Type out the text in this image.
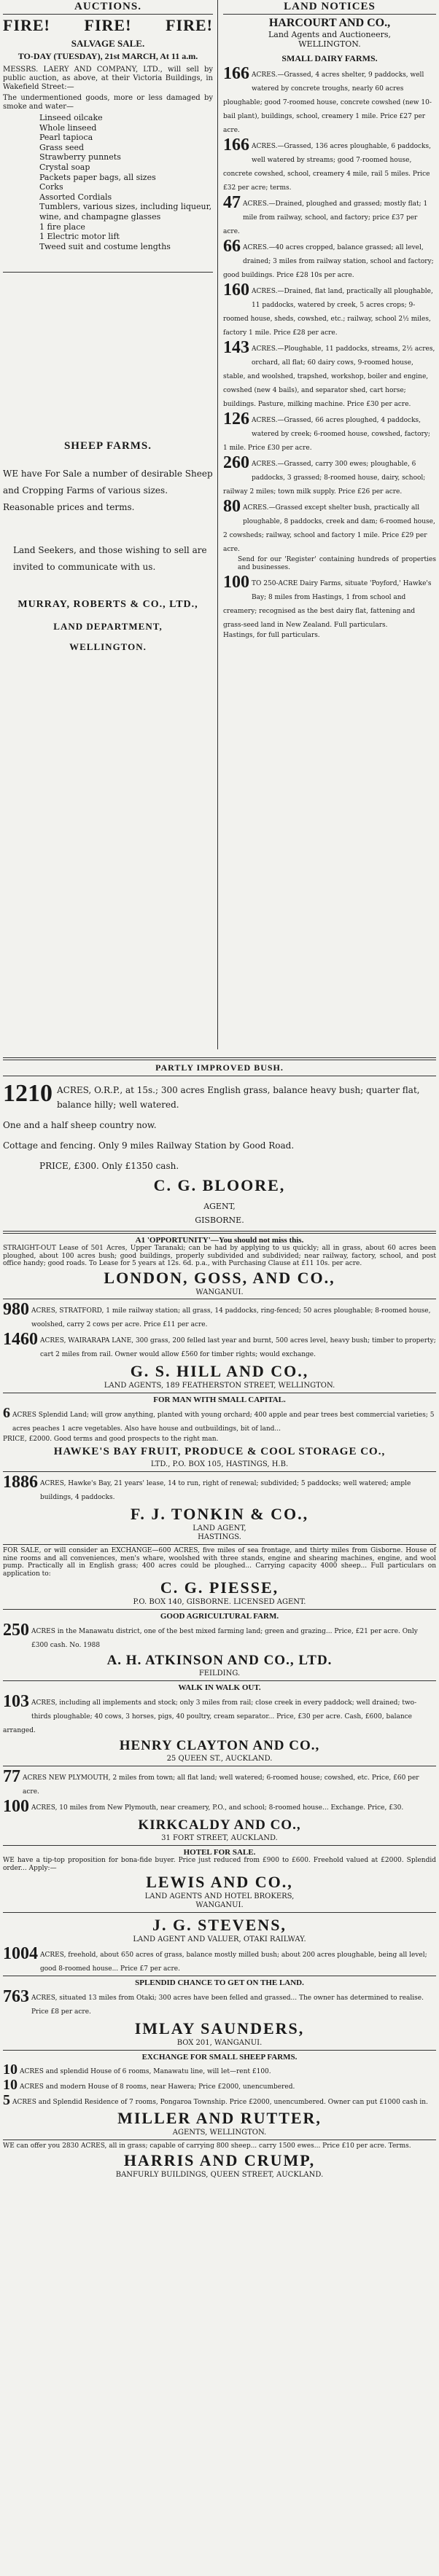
AUCTIONS.
FIRE! FIRE! FIRE!
SALVAGE SALE.
TO-DAY (TUESDAY), 21st MARCH, At 11 a.m.
MESSRS. LAERY AND COMPANY, LTD., will sell by public auction, as above, at their Victoria Buildings, in Wakefield Street:—
The undermentioned goods, more or less damaged by smoke and water—
Linseed oilcake
Whole linseed
Pearl tapioca
Grass seed
Strawberry punnets
Crystal soap
Packets paper bags, all sizes
Corks
Assorted Cordials
Tumblers, various sizes, including liqueur, wine, and champagne glasses
1 fire place
1 Electric motor lift
Tweed suit and costume lengths
SHEEP FARMS.
WE have For Sale a number of desirable Sheep and Cropping Farms of various sizes. Reasonable prices and terms.
Land Seekers, and those wishing to sell are invited to communicate with us.
MURRAY, ROBERTS & CO., LTD.,
LAND DEPARTMENT,
WELLINGTON.
LAND NOTICES
HARCOURT AND CO.,
Land Agents and Auctioneers,
WELLINGTON.
SMALL DAIRY FARMS.
166 ACRES.—Grassed, 4 acres shelter, 9 paddocks, well watered by concrete troughs, nearly 60 acres ploughable; good 7-roomed house, concrete cowshed (new 10-bail plant), buildings, school, creamery 1 mile. Price £27 per acre.
166 ACRES.—Grassed, 136 acres ploughable, 6 paddocks, well watered by streams; good 7-roomed house, concrete cowshed, school, creamery 4 mile, rail 5 miles. Price £32 per acre; terms.
47 ACRES.—Drained, ploughed and grassed; mostly flat; 1 mile from railway, school, and factory; price £37 per acre.
66 ACRES.—40 acres cropped, balance grassed; all level, drained; 3 miles from railway station, school and factory; good buildings. Price £28 10s per acre.
160 ACRES.—Drained, flat land, practically all ploughable, 11 paddocks, watered by creek, 5 acres crops; 9-roomed house, sheds, cowshed, etc.; railway, school 2½ miles, factory 1 mile. Price £28 per acre.
143 ACRES.—Ploughable, 11 paddocks, streams, 2½ acres, orchard, all flat; 60 dairy cows, 9-roomed house, stable, and woolshed, trapshed, workshop, boiler and engine, cowshed (new 4 bails), and separator shed, cart horse; buildings. Pasture, milking machine. Price £30 per acre.
126 ACRES.—Grassed, 66 acres ploughed, 4 paddocks, watered by creek; 6-roomed house, cowshed, factory; 1 mile. Price £30 per acre.
260 ACRES.—Grassed, carry 300 ewes; ploughable, 6 paddocks, 3 grassed; 8-roomed house, dairy, school; railway 2 miles; town milk supply. Price £26 per acre.
80 ACRES.—Grassed except shelter bush, practically all ploughable, 8 paddocks, creek and dam; 6-roomed house, 2 cowsheds; railway, school and factory 1 mile. Price £29 per acre.
Send for our 'Register' containing hundreds of properties and businesses.
100 TO 250-ACRE Dairy Farms, situate 'Poyford,' Hawke's Bay; 8 miles from Hastings, 1 from school and creamery; recognised as the best dairy flat, fattening and grass-seed land in New Zealand. Full particulars.
Hastings, for full particulars.
PARTLY IMPROVED BUSH.
1210 ACRES, O.R.P., at 15s.; 300 acres English grass, balance heavy bush; quarter flat, balance hilly; well watered.
One and a half sheep country now.
Cottage and fencing. Only 9 miles Railway Station by Good Road.
PRICE, £300. Only £1350 cash.
C. G. BLOORE,
AGENT,
GISBORNE.
A1 'OPPORTUNITY'—You should not miss this.
STRAIGHT-OUT Lease of 501 Acres, Upper Taranaki; can be had by applying to us quickly; all in grass, about 60 acres been ploughed, about 100 acres bush; good buildings, properly subdivided and subdivided; near railway, factory, school, and post office handy; good roads. To Lease for 5 years at 12s. 6d. p.a., with Purchasing Clause at £11 10s. per acre.
LONDON, GOSS, AND CO.,
WANGANUI.
980 ACRES, STRATFORD, 1 mile railway station; all grass, 14 paddocks, ring-fenced; 50 acres ploughable; 8-roomed house, woolshed, carry 2 cows per acre. Price £11 per acre.
1460 ACRES, WAIRARAPA LANE, 300 grass, 200 felled last year and burnt, 500 acres level, heavy bush; timber to property; cart 2 miles from rail. Owner would allow £560 for timber rights; would exchange.
G. S. HILL AND CO.,
LAND AGENTS, 189 FEATHERSTON STREET, WELLINGTON.
FOR MAN WITH SMALL CAPITAL.
6 ACRES Splendid Land; will grow anything, planted with young orchard; 400 apple and pear trees best commercial varieties; 5 acres peaches 1 acre vegetables. Also have house and outbuildings, bit of land...
PRICE, £2000. Good terms and good prospects to the right man.
HAWKE'S BAY FRUIT, PRODUCE & COOL STORAGE CO.,
LTD., P.O. BOX 105, HASTINGS, H.B.
1886 ACRES, Hawke's Bay, 21 years' lease, 14 to run, right of renewal; subdivided; 5 paddocks; well watered; ample buildings, 4 paddocks.
F. J. TONKIN & CO.,
LAND AGENT,
HASTINGS.
FOR SALE, or will consider an EXCHANGE—600 ACRES, five miles of sea frontage, and thirty miles from Gisborne. House of nine rooms and all conveniences, men's whare, woolshed with three stands, engine and shearing machines, engine, and wool pump. Practically all in English grass; 400 acres could be ploughed... Carrying capacity 4000 sheep... Full particulars on application to:
C. G. PIESSE,
P.O. BOX 140, GISBORNE. LICENSED AGENT.
GOOD AGRICULTURAL FARM.
250 ACRES in the Manawatu district, one of the best mixed farming land; green and grazing... Price, £21 per acre. Only £300 cash. No. 1988
A. H. ATKINSON AND CO., LTD.
FEILDING.
WALK IN WALK OUT.
103 ACRES, including all implements and stock; only 3 miles from rail; close creek in every paddock; well drained; two-thirds ploughable; 40 cows, 3 horses, pigs, 40 poultry, cream separator... Price, £30 per acre. Cash, £600, balance arranged.
HENRY CLAYTON AND CO.,
25 QUEEN ST., AUCKLAND.
77 ACRES NEW PLYMOUTH, 2 miles from town; all flat land; well watered; 6-roomed house; cowshed, etc. Price, £60 per acre.
100 ACRES, 10 miles from New Plymouth, near creamery, P.O., and school; 8-roomed house... Exchange. Price, £30.
KIRKCALDY AND CO.,
31 FORT STREET, AUCKLAND.
HOTEL FOR SALE.
WE have a tip-top proposition for bona-fide buyer. Price just reduced from £900 to £600. Freehold valued at £2000. Splendid order... Apply:—
LEWIS AND CO.,
LAND AGENTS AND HOTEL BROKERS,
WANGANUI.
J. G. STEVENS,
LAND AGENT AND VALUER, OTAKI RAILWAY.
1004 ACRES, freehold, about 650 acres of grass, balance mostly milled bush; about 200 acres ploughable, being all level; good 8-roomed house... Price £7 per acre.
SPLENDID CHANCE TO GET ON THE LAND.
763 ACRES, situated 13 miles from Otaki; 300 acres have been felled and grassed... The owner has determined to realise. Price £8 per acre.
IMLAY SAUNDERS,
BOX 201, WANGANUI.
EXCHANGE FOR SMALL SHEEP FARMS.
10 ACRES and splendid House of 6 rooms, Manawatu line, will let—rent £100.
10 ACRES and modern House of 8 rooms, near Hawera; Price £2000, unencumbered.
5 ACRES and Splendid Residence of 7 rooms, Pongaroa Township. Price £2000, unencumbered. Owner can put £1000 cash in.
MILLER AND RUTTER,
AGENTS, WELLINGTON.
WE can offer you 2830 ACRES, all in grass; capable of carrying 800 sheep... carry 1500 ewes... Price £10 per acre. Terms.
HARRIS AND CRUMP,
BANFURLY BUILDINGS, QUEEN STREET, AUCKLAND.
